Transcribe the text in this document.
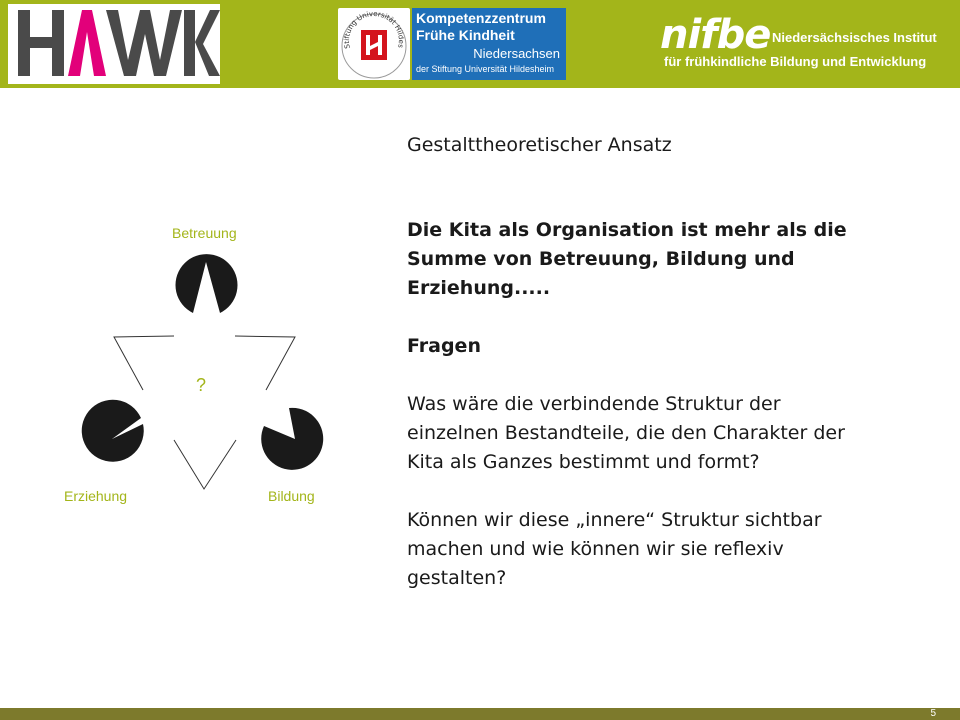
Stiftung Universität Hildes
Kompetenzzentrum
Frühe Kindheit
Niedersachsen
der Stiftung Universität Hildesheim
nifbe Niedersächsisches Institut
für frühkindliche Bildung und Entwicklung
Betreuung
Erziehung	Bildung
?
Gestalttheoretischer Ansatz
Die Kita als Organisation ist mehr als die Summe von Betreuung, Bildung und Erziehung.....
Fragen
Was wäre die verbindende Struktur der einzelnen Bestandteile, die den Charakter der Kita als Ganzes bestimmt und formt?
Können wir diese „innere“ Struktur sichtbar machen und wie können wir sie reflexiv gestalten?
5
